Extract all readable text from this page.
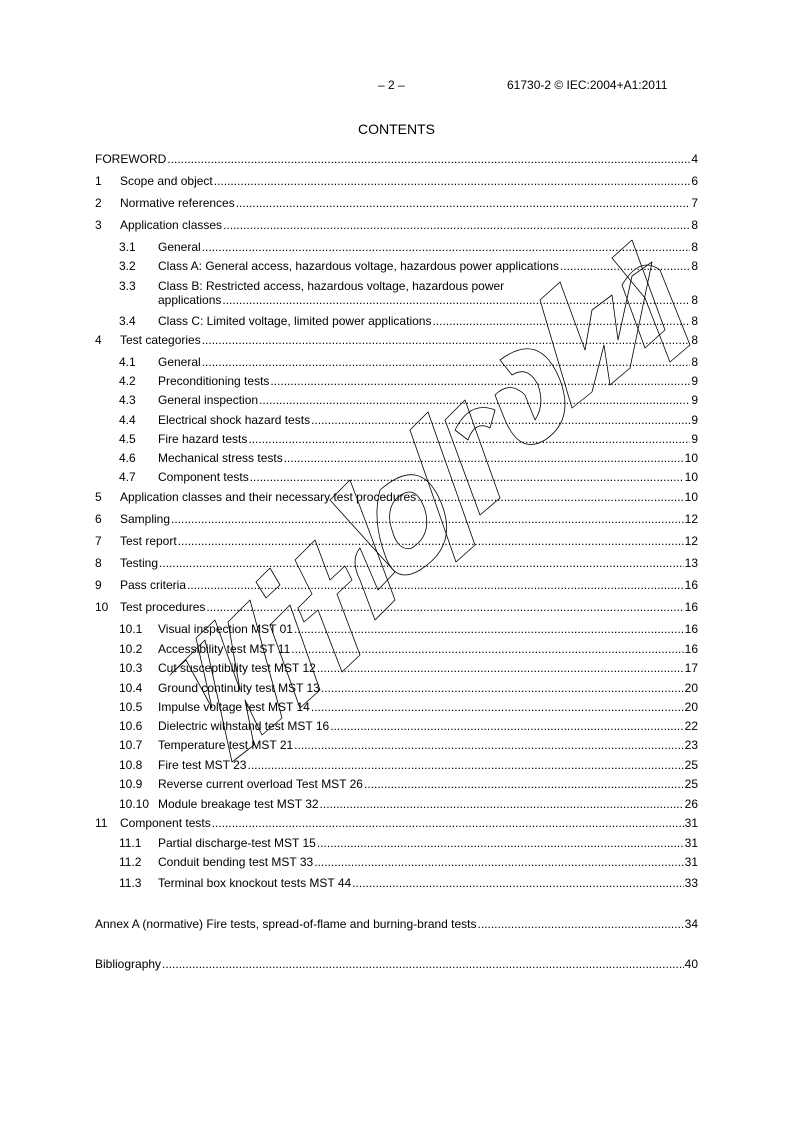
– 2 –	61730-2 © IEC:2004+A1:2011
CONTENTS
FOREWORD .....	4
1 Scope and object .....	6
2 Normative references .....	7
3 Application classes .....	8
3.1 General .....	8
3.2 Class A: General access, hazardous voltage, hazardous power applications .....	8
3.3 Class B: Restricted access, hazardous voltage, hazardous power
applications .....	8
3.4 Class C: Limited voltage, limited power applications .....	8
4 Test categories .....	8
4.1 General .....	8
4.2 Preconditioning tests .....	9
4.3 General inspection .....	9
4.4 Electrical shock hazard tests .....	9
4.5 Fire hazard tests .....	9
4.6 Mechanical stress tests .....	10
4.7 Component tests .....	10
5 Application classes and their necessary test procedures .....	10
6 Sampling .....	12
7 Test report .....	12
8 Testing .....	13
9 Pass criteria .....	16
10 Test procedures .....	16
10.1 Visual inspection MST 01 .....	16
10.2 Accessibility test MST 11 .....	16
10.3 Cut susceptibility test MST 12 .....	17
10.4 Ground continuity test MST 13 .....	20
10.5 Impulse voltage test MST 14 .....	20
10.6 Dielectric withstand test MST 16 .....	22
10.7 Temperature test MST 21 .....	23
10.8 Fire test MST 23 .....	25
10.9 Reverse current overload Test MST 26 .....	25
10.10 Module breakage test MST 32 .....	26
11 Component tests .....	31
11.1 Partial discharge-test MST 15 .....	31
11.2 Conduit bending test MST 33 .....	31
11.3 Terminal box knockout tests MST 44 .....	33
Annex A (normative) Fire tests, spread-of-flame and burning-brand tests .....	34
Bibliography .....	40
